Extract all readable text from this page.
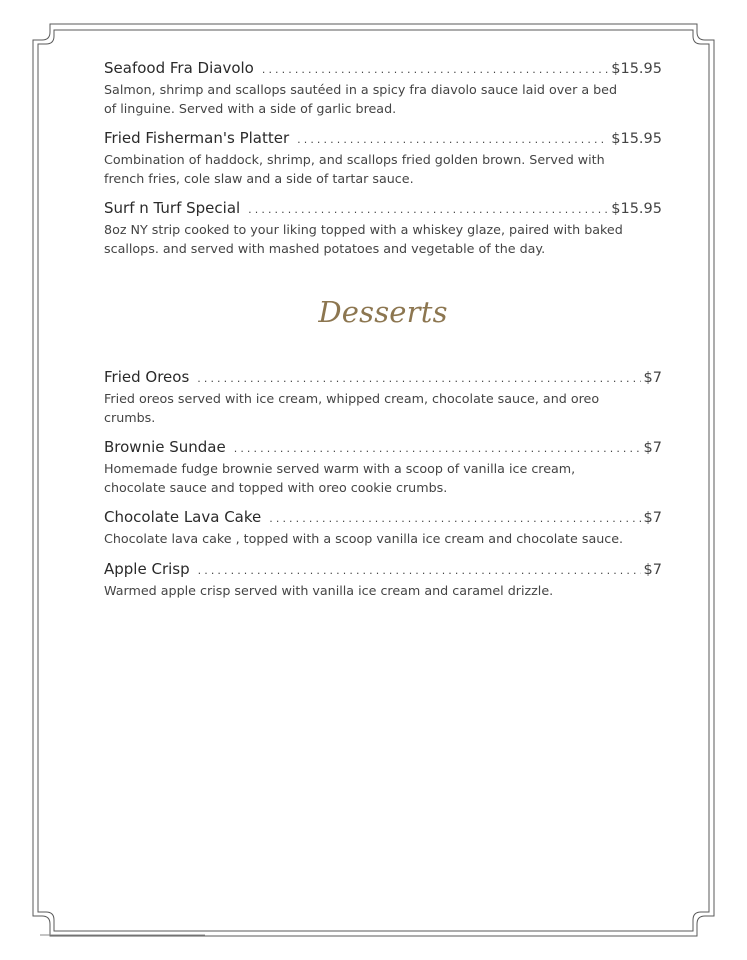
Seafood Fra Diavolo .....	$15.95
Salmon, shrimp and scallops sautéed in a spicy fra diavolo sauce laid over a bed of linguine. Served with a side of garlic bread.
Fried Fisherman's Platter .....	$15.95
Combination of haddock, shrimp, and scallops fried golden brown. Served with french fries, cole slaw and a side of tartar sauce.
Surf n Turf Special .....	$15.95
8oz NY strip cooked to your liking topped with a whiskey glaze, paired with baked scallops. and served with mashed potatoes and vegetable of the day.
Desserts
Fried Oreos .....	$7
Fried oreos served with ice cream, whipped cream, chocolate sauce, and oreo crumbs.
Brownie Sundae .....	$7
Homemade fudge brownie served warm with a scoop of vanilla ice cream, chocolate sauce and topped with oreo cookie crumbs.
Chocolate Lava Cake .....	$7
Chocolate lava cake , topped with a scoop vanilla ice cream and chocolate sauce.
Apple Crisp .....	$7
Warmed apple crisp served with vanilla ice cream and caramel drizzle.
